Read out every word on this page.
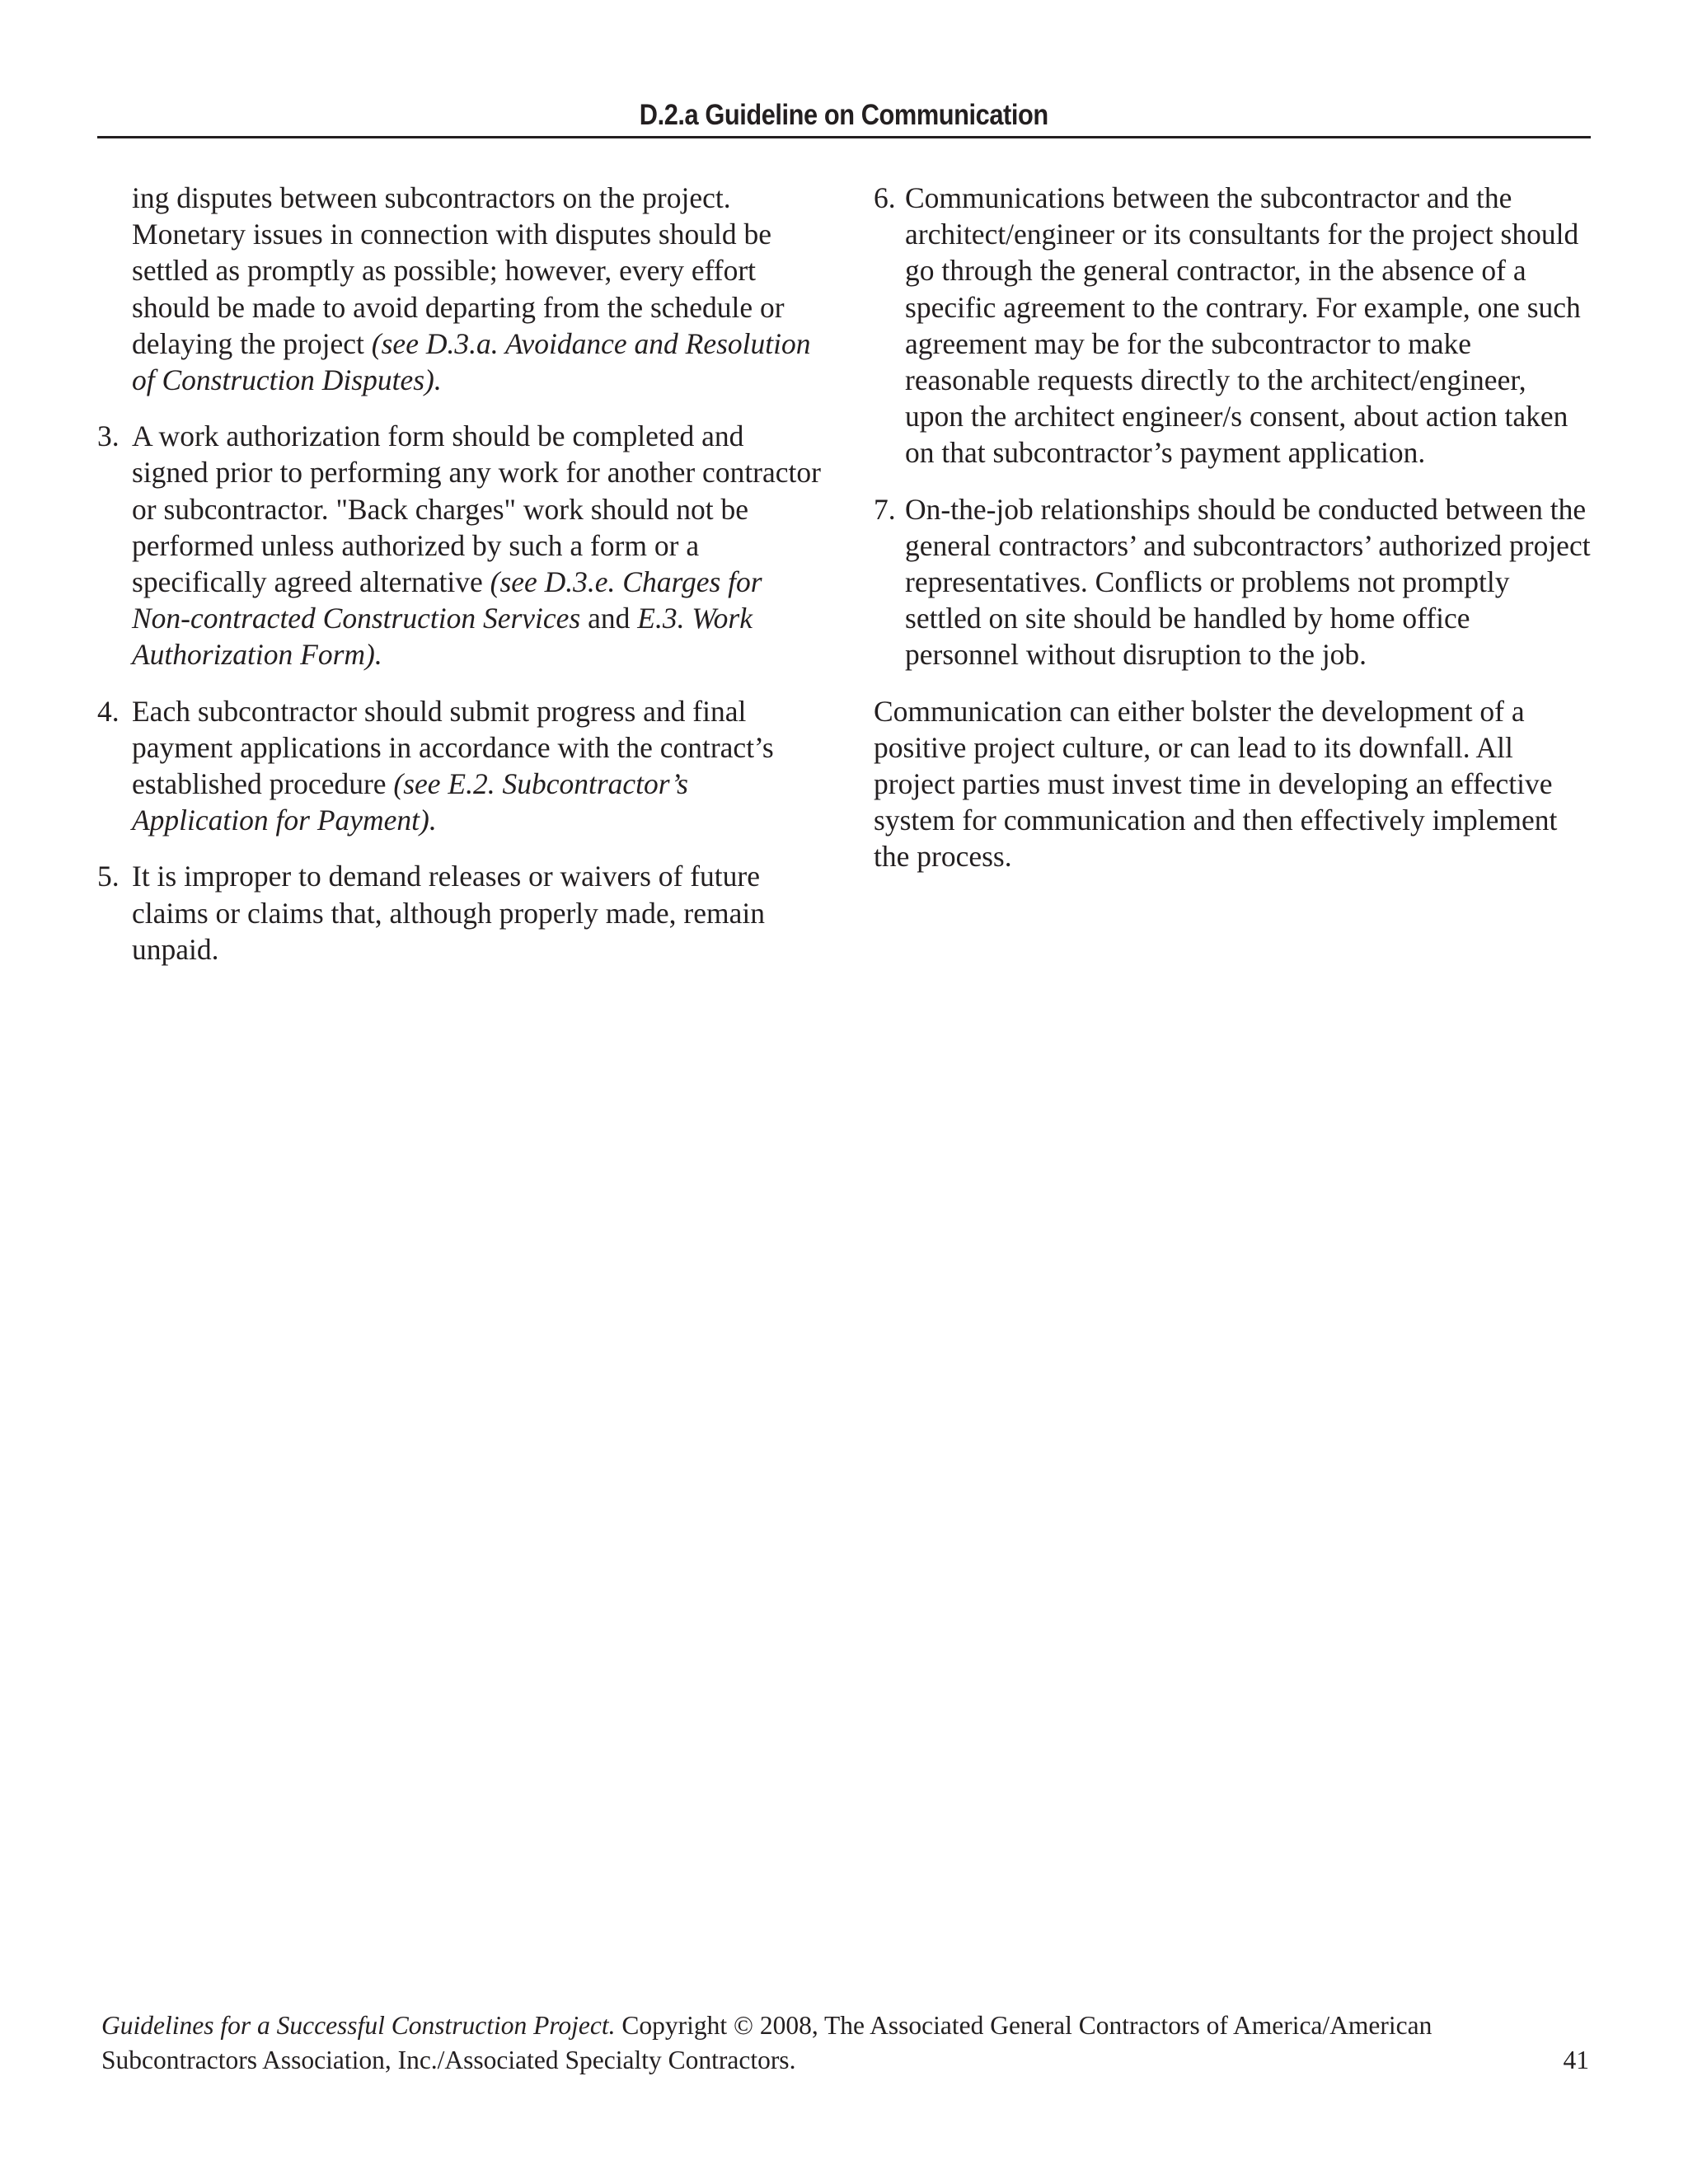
D.2.a Guideline on Communication
ing disputes between subcontractors on the project. Monetary issues in connection with disputes should be settled as promptly as possible; however, every effort should be made to avoid departing from the schedule or delaying the project (see D.3.a. Avoidance and Resolution of Construction Disputes).
3. A work authorization form should be completed and signed prior to performing any work for another contractor or subcontractor. "Back charges" work should not be performed unless authorized by such a form or a specifically agreed alternative (see D.3.e. Charges for Non-contracted Construction Services and E.3. Work Authorization Form).
4. Each subcontractor should submit progress and final payment applications in accordance with the contract’s established procedure (see E.2. Subcontractor’s Application for Payment).
5. It is improper to demand releases or waivers of future claims or claims that, although properly made, remain unpaid.
6. Communications between the subcontractor and the architect/engineer or its consultants for the project should go through the general contractor, in the absence of a specific agreement to the contrary. For example, one such agreement may be for the subcontractor to make reasonable requests directly to the architect/engineer, upon the architect engineer/s consent, about action taken on that subcontractor’s payment application.
7. On-the-job relationships should be conducted between the general contractors’ and subcontractors’ authorized project representatives. Conflicts or problems not promptly settled on site should be handled by home office personnel without disruption to the job.

Communication can either bolster the development of a positive project culture, or can lead to its downfall. All project parties must invest time in developing an effective system for communication and then effectively implement the process.

Guidelines for a Successful Construction Project. Copyright © 2008, The Associated General Contractors of America/American Subcontractors Association, Inc./Associated Specialty Contractors.	41
